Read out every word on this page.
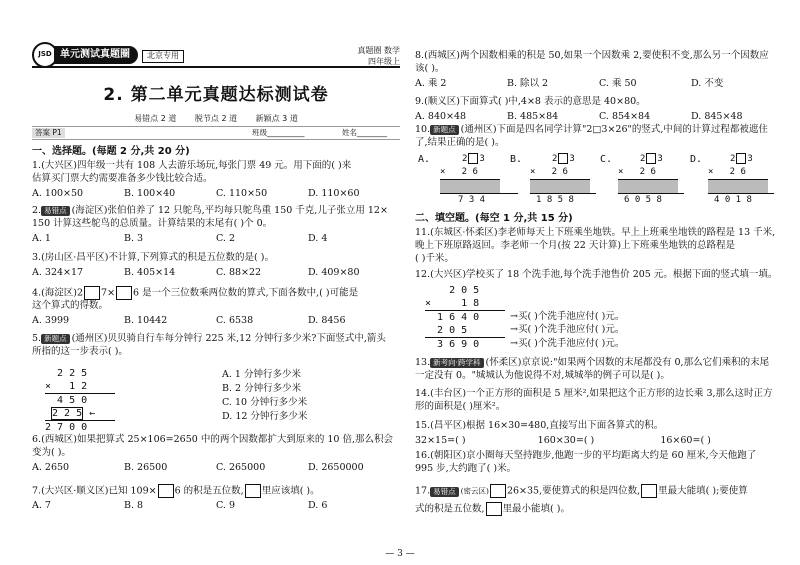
JSD 单元测试真题圈	北京专用
真题圈 数学
四年级上
2. 第二单元真题达标测试卷
易错点 2 道 脱节点 2 道 新颖点 3 道
答案 P1	班级__________	姓名________
一、选择题。(每题 2 分,共 20 分)

1.(大兴区)四年级一共有 108 人去游乐场玩,每张门票 49 元。用下面的( )来

估算买门票大约需要准备多少钱比较合适。

A. 100×50	B. 100×40	C. 110×50	D. 110×60

2. 易错点 (海淀区)张伯伯养了 12 只鸵鸟,平均每只鸵鸟重 150 千克,儿子张立用 12×

150 计算这些鸵鸟的总质量。计算结果的末尾有( )个 0。

A. 1	B. 3	C. 2	D. 4

3.(房山区·昌平区)不计算,下列算式的积是五位数的是( )。

A. 324×17	B. 405×14	C. 88×22	D. 409×80

4.(海淀区)2 7× 6 是一个三位数乘两位数的算式,下面各数中,( )可能是

这个算式的得数。

A. 3999	B. 10442	C. 6538	D. 8456

5. 新题点 (通州区)贝贝骑自行车每分钟行 225 米,12 分钟行多少米?下面竖式中,箭头

所指的这一步表示( )。

2 2 5
×   1 2
4 5 0
2 2 5 ←
2 7 0 0
A. 1 分钟行多少米
B. 2 分钟行多少米
C. 10 分钟行多少米
D. 12 分钟行多少米

6.(西城区)如果把算式 25×106=2650 中的两个因数都扩大到原来的 10 倍,那么积会

变为( )。

A. 2650	B. 26500	C. 265000	D. 2650000

7.(大兴区·顺义区)已知 109× 6 的积是五位数, 里应该填( )。

A. 7	B. 8	C. 9	D. 6

8.(西城区)两个因数相乘的积是 50,如果一个因数乘 2,要使积不变,那么另一个因数应

该( )。

A. 乘 2	B. 除以 2	C. 乘 50	D. 不变

9.(顺义区)下面算式( )中,4×8 表示的意思是 40×80。

A. 840×48	B. 485×84	C. 854×84	D. 845×48

10. 新题点 (通州区)下面是四名同学计算"2□3×26"的竖式,中间的计算过程都被遮住

了,结果正确的是( )。

A.	2 3
×   2 6
7 3 4
B.	2 3
×   2 6
1 8 5 8
C.	2 3
×   2 6
6 0 5 8
D.	2 3
×   2 6
4 0 1 8
二、填空题。(每空 1 分,共 15 分)

11.(东城区·怀柔区)李老师每天上下班乘坐地铁。早上上班乘坐地铁的路程是 13 千米,

晚上下班原路返回。李老师一个月(按 22 天计算)上下班乘坐地铁的总路程是

( )千米。

12.(大兴区)学校买了 18 个洗手池,每个洗手池售价 205 元。根据下面的竖式填一填。

2 0 5
×     1 8
1 6 4 0
2 0 5
3 6 9 0
→买( )个洗手池应付( )元。
→买( )个洗手池应付( )元。
→买( )个洗手池应付( )元。

13. 新考向·跨学科 (怀柔区)京京说:"如果两个因数的末尾都没有 0,那么它们乘积的末尾

一定没有 0。"城城认为他说得不对,城城举的例子可以是( )。

14.(丰台区)一个正方形的面积是 5 厘米²,如果把这个正方形的边长乘 3,那么这时正方

形的面积是( )厘米²。

15.(昌平区)根据 16×30=480,直接写出下面各算式的积。

32×15=( )	160×30=( )	16×60=( )

16.(朝阳区)京小圈每天坚持跑步,他跑一步的平均距离大约是 60 厘米,今天他跑了

995 步,大约跑了( )米。

17. 易错点 (密云区) 26×35,要使算式的积是四位数, 里最大能填( );要使算

式的积是五位数, 里最小能填( )。

— 3 —
